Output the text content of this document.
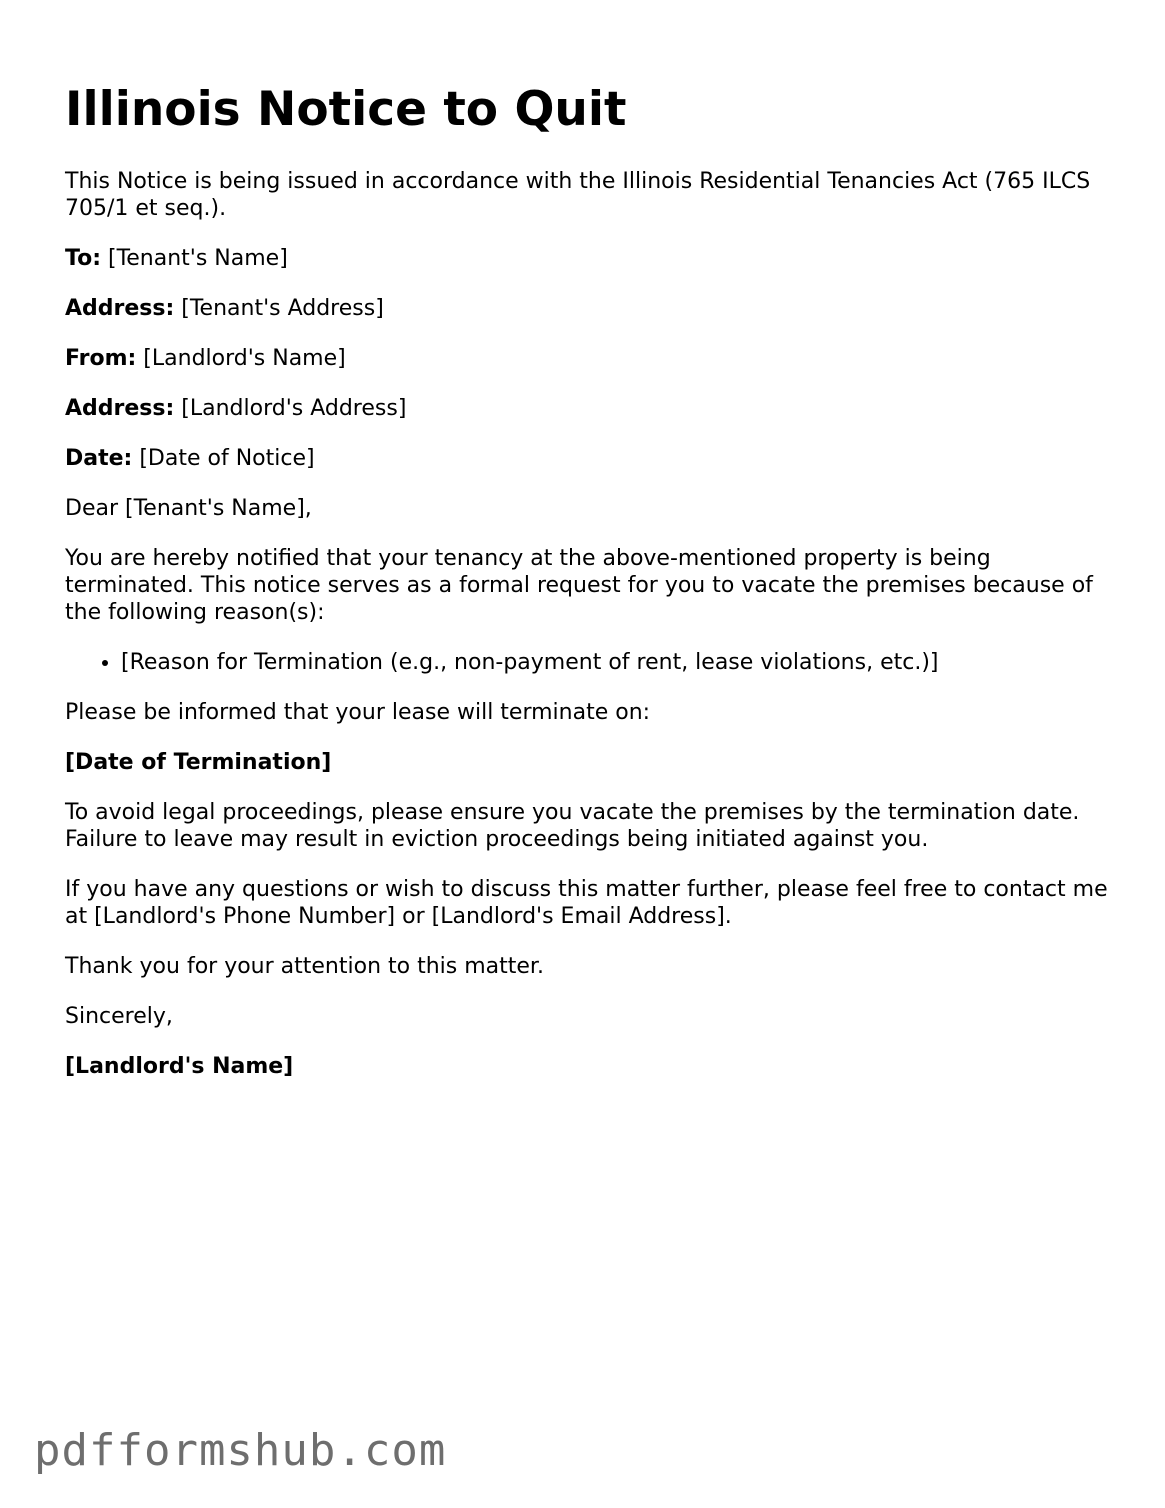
Illinois Notice to Quit

This Notice is being issued in accordance with the Illinois Residential Tenancies Act (765 ILCS 705/1 et seq.).

To: [Tenant's Name]

Address: [Tenant's Address]

From: [Landlord's Name]

Address: [Landlord's Address]

Date: [Date of Notice]

Dear [Tenant's Name],

You are hereby notified that your tenancy at the above-mentioned property is being terminated. This notice serves as a formal request for you to vacate the premises because of the following reason(s):

• [Reason for Termination (e.g., non-payment of rent, lease violations, etc.)]

Please be informed that your lease will terminate on:

[Date of Termination]

To avoid legal proceedings, please ensure you vacate the premises by the termination date. Failure to leave may result in eviction proceedings being initiated against you.

If you have any questions or wish to discuss this matter further, please feel free to contact me at [Landlord's Phone Number] or [Landlord's Email Address].

Thank you for your attention to this matter.

Sincerely,

[Landlord's Name]

pdfformshub.com
